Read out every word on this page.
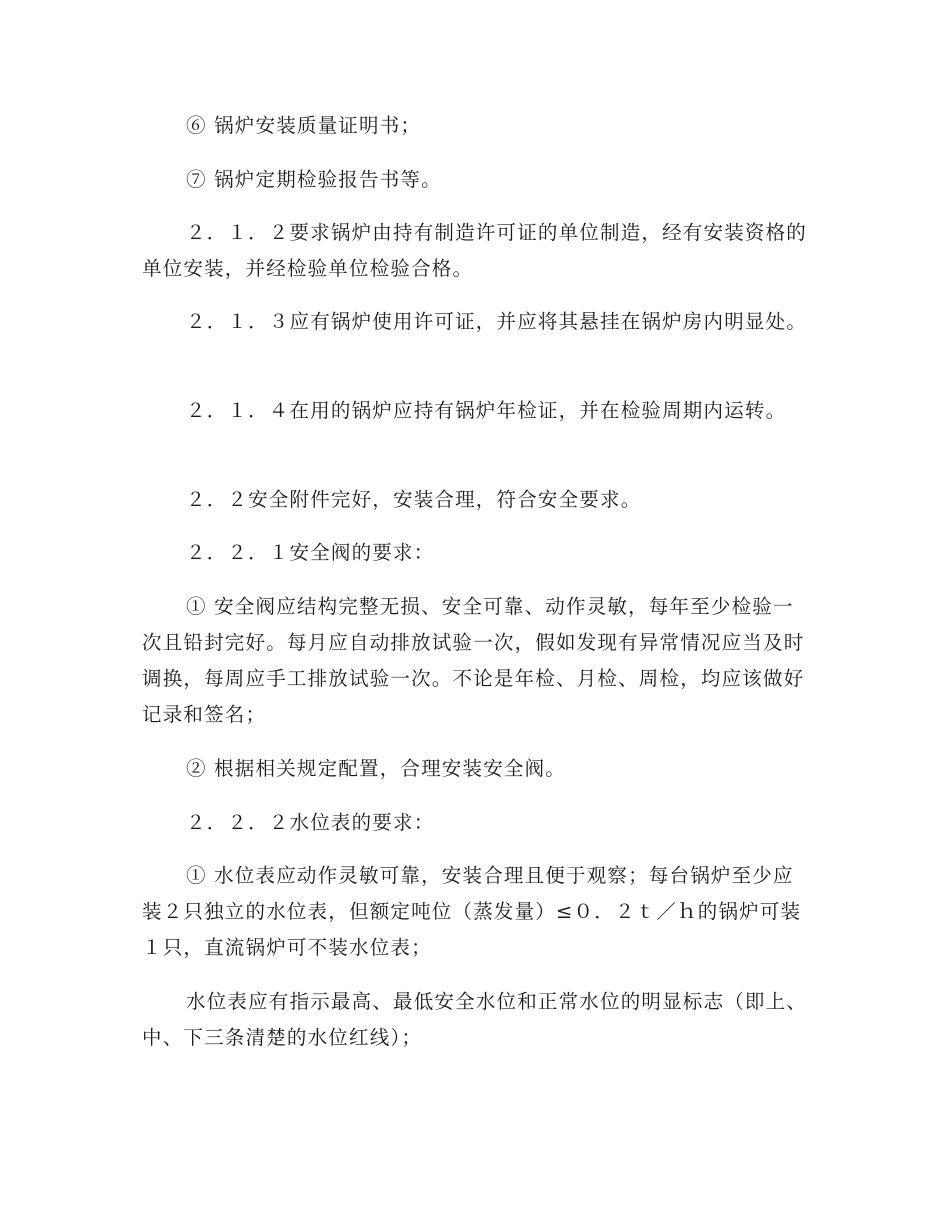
⑥ 锅炉安装质量证明书；

⑦ 锅炉定期检验报告书等。

２．１．２要求锅炉由持有制造许可证的单位制造，经有安装资格的单位安装，并经检验单位检验合格。

２．１．３应有锅炉使用许可证，并应将其悬挂在锅炉房内明显处。

２．１．４在用的锅炉应持有锅炉年检证，并在检验周期内运转。

２．２安全附件完好，安装合理，符合安全要求。

２．２．１安全阀的要求：

① 安全阀应结构完整无损、安全可靠、动作灵敏，每年至少检验一次且铅封完好。每月应自动排放试验一次，假如发现有异常情况应当及时调换，每周应手工排放试验一次。不论是年检、月检、周检，均应该做好记录和签名；

② 根据相关规定配置，合理安装安全阀。

２．２．２水位表的要求：

① 水位表应动作灵敏可靠，安装合理且便于观察；每台锅炉至少应装２只独立的水位表，但额定吨位（蒸发量）≤０．２ｔ／ｈ的锅炉可装１只，直流锅炉可不装水位表；

水位表应有指示最高、最低安全水位和正常水位的明显标志（即上、中、下三条清楚的水位红线）；
